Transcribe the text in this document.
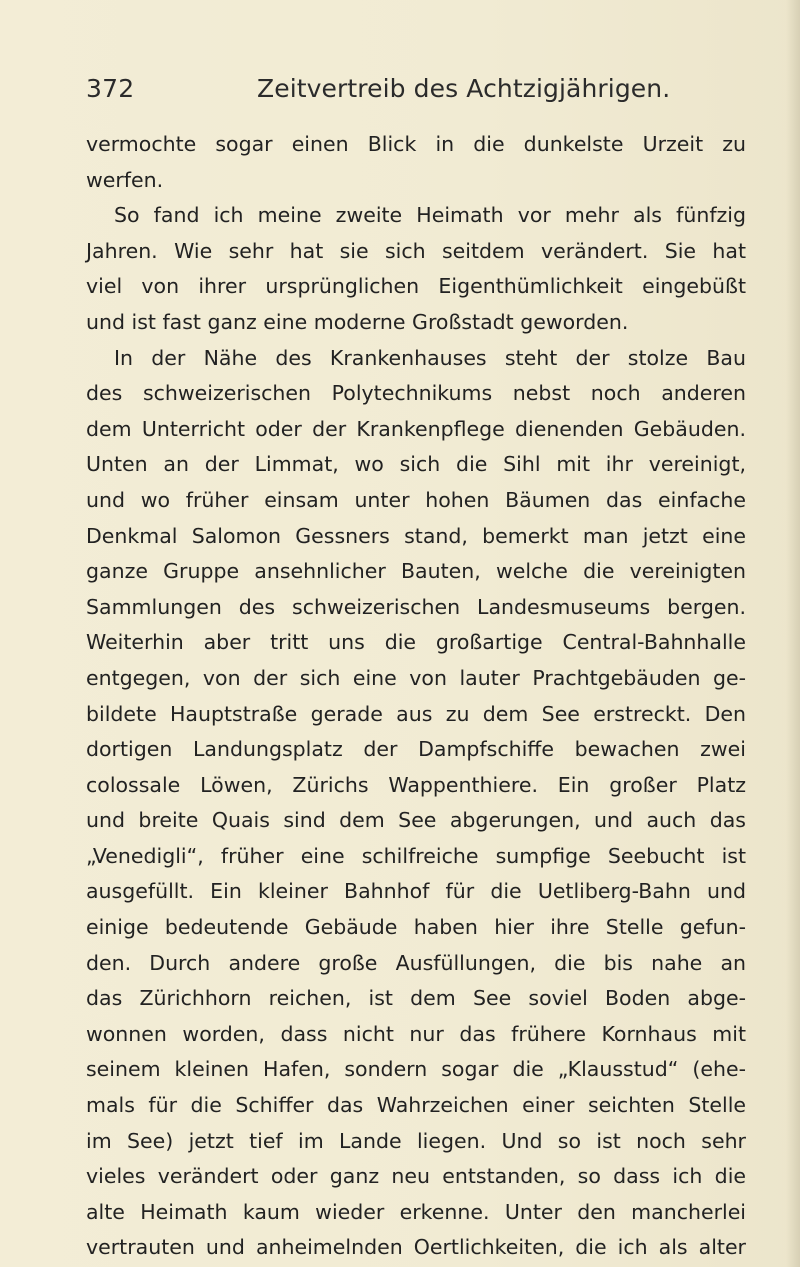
372	Zeitvertreib des Achtzigjährigen.
vermochte sogar einen Blick in die dunkelste Urzeit zu
werfen.
So fand ich meine zweite Heimath vor mehr als fünfzig
Jahren. Wie sehr hat sie sich seitdem verändert. Sie hat
viel von ihrer ursprünglichen Eigenthümlichkeit eingebüßt
und ist fast ganz eine moderne Großstadt geworden.
In der Nähe des Krankenhauses steht der stolze Bau
des schweizerischen Polytechnikums nebst noch anderen
dem Unterricht oder der Krankenpflege dienenden Gebäuden.
Unten an der Limmat, wo sich die Sihl mit ihr vereinigt,
und wo früher einsam unter hohen Bäumen das einfache
Denkmal Salomon Gessners stand, bemerkt man jetzt eine
ganze Gruppe ansehnlicher Bauten, welche die vereinigten
Sammlungen des schweizerischen Landesmuseums bergen.
Weiterhin aber tritt uns die großartige Central-Bahnhalle
entgegen, von der sich eine von lauter Prachtgebäuden ge-
bildete Hauptstraße gerade aus zu dem See erstreckt. Den
dortigen Landungsplatz der Dampfschiffe bewachen zwei
colossale Löwen, Zürichs Wappenthiere. Ein großer Platz
und breite Quais sind dem See abgerungen, und auch das
„Venedigli“, früher eine schilfreiche sumpfige Seebucht ist
ausgefüllt. Ein kleiner Bahnhof für die Uetliberg-Bahn und
einige bedeutende Gebäude haben hier ihre Stelle gefun-
den. Durch andere große Ausfüllungen, die bis nahe an
das Zürichhorn reichen, ist dem See soviel Boden abge-
wonnen worden, dass nicht nur das frühere Kornhaus mit
seinem kleinen Hafen, sondern sogar die „Klausstud“ (ehe-
mals für die Schiffer das Wahrzeichen einer seichten Stelle
im See) jetzt tief im Lande liegen. Und so ist noch sehr
vieles verändert oder ganz neu entstanden, so dass ich die
alte Heimath kaum wieder erkenne. Unter den mancherlei
vertrauten und anheimelnden Oertlichkeiten, die ich als alter
